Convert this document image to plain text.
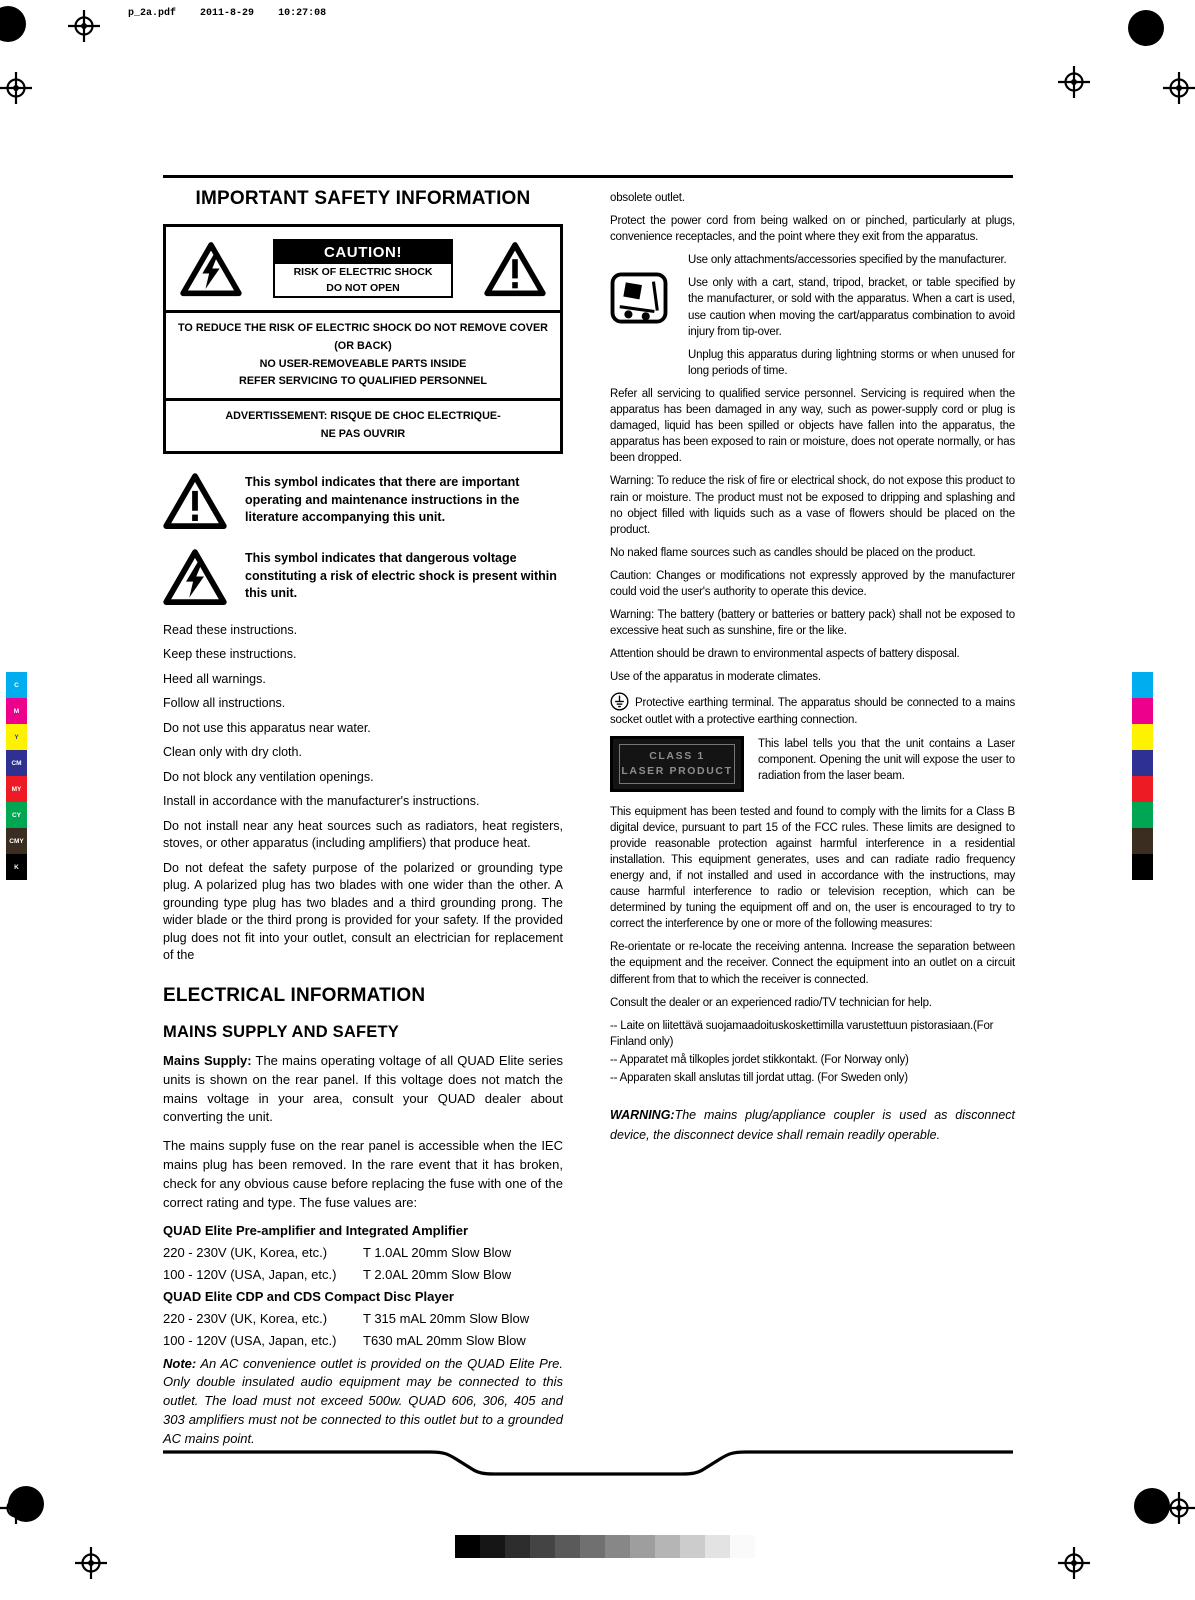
p_2a.pdf 2011-8-29 10:27:08
C
M
Y
CM
MY
CY
CMY
K
IMPORTANT SAFETY INFORMATION
CAUTION!
RISK OF ELECTRIC SHOCK
DO NOT OPEN
TO REDUCE THE RISK OF ELECTRIC SHOCK DO NOT REMOVE COVER (OR BACK)
NO USER-REMOVEABLE PARTS INSIDE
REFER SERVICING TO QUALIFIED PERSONNEL
ADVERTISSEMENT: RISQUE DE CHOC ELECTRIQUE-
NE PAS OUVRIR

This symbol indicates that there are important operating and maintenance instructions in the literature accompanying this unit.

This symbol indicates that dangerous voltage constituting a risk of electric shock is present within this unit.

Read these instructions.

Keep these instructions.

Heed all warnings.

Follow all instructions.

Do not use this apparatus near water.

Clean only with dry cloth.

Do not block any ventilation openings.

Install in accordance with the manufacturer's instructions.

Do not install near any heat sources such as radiators, heat registers, stoves, or other apparatus (including amplifiers) that produce heat.

Do not defeat the safety purpose of the polarized or grounding type plug. A polarized plug has two blades with one wider than the other. A grounding type plug has two blades and a third grounding prong. The wider blade or the third prong is provided for your safety. If the provided plug does not fit into your outlet, consult an electrician for replacement of the

ELECTRICAL INFORMATION
MAINS SUPPLY AND SAFETY

Mains Supply: The mains operating voltage of all QUAD Elite series units is shown on the rear panel. If this voltage does not match the mains voltage in your area, consult your QUAD dealer about converting the unit.

The mains supply fuse on the rear panel is accessible when the IEC mains plug has been removed. In the rare event that it has broken, check for any obvious cause before replacing the fuse with one of the correct rating and type. The fuse values are:

QUAD Elite Pre-amplifier and Integrated Amplifier
220 - 230V (UK, Korea, etc.)	T 1.0AL 20mm Slow Blow
100 - 120V (USA, Japan, etc.)	T 2.0AL 20mm Slow Blow
QUAD Elite CDP and CDS Compact Disc Player
220 - 230V (UK, Korea, etc.)	T 315 mAL 20mm Slow Blow
100 - 120V (USA, Japan, etc.)	T630 mAL 20mm Slow Blow

Note: An AC convenience outlet is provided on the QUAD Elite Pre. Only double insulated audio equipment may be connected to this outlet. The load must not exceed 500w. QUAD 606, 306, 405 and 303 amplifiers must not be connected to this outlet but to a grounded AC mains point.

obsolete outlet.

Protect the power cord from being walked on or pinched, particularly at plugs, convenience receptacles, and the point where they exit from the apparatus.

Use only attachments/accessories specified by the manufacturer.

Use only with a cart, stand, tripod, bracket, or table specified by the manufacturer, or sold with the apparatus. When a cart is used, use caution when moving the cart/apparatus combination to avoid injury from tip-over.

Unplug this apparatus during lightning storms or when unused for long periods of time.

Refer all servicing to qualified service personnel. Servicing is required when the apparatus has been damaged in any way, such as power-supply cord or plug is damaged, liquid has been spilled or objects have fallen into the apparatus, the apparatus has been exposed to rain or moisture, does not operate normally, or has been dropped.

Warning: To reduce the risk of fire or electrical shock, do not expose this product to rain or moisture. The product must not be exposed to dripping and splashing and no object filled with liquids such as a vase of flowers should be placed on the product.

No naked flame sources such as candles should be placed on the product.

Caution: Changes or modifications not expressly approved by the manufacturer could void the user's authority to operate this device.

Warning: The battery (battery or batteries or battery pack) shall not be exposed to excessive heat such as sunshine, fire or the like.

Attention should be drawn to environmental aspects of battery disposal.

Use of the apparatus in moderate climates.

Protective earthing terminal. The apparatus should be connected to a mains socket outlet with a protective earthing connection.

CLASS 1
LASER PRODUCT

This label tells you that the unit contains a Laser component. Opening the unit will expose the user to radiation from the laser beam.

This equipment has been tested and found to comply with the limits for a Class B digital device, pursuant to part 15 of the FCC rules. These limits are designed to provide reasonable protection against harmful interference in a residential installation. This equipment generates, uses and can radiate radio frequency energy and, if not installed and used in accordance with the instructions, may cause harmful interference to radio or television reception, which can be determined by tuning the equipment off and on, the user is encouraged to try to correct the interference by one or more of the following measures:

Re-orientate or re-locate the receiving antenna. Increase the separation between the equipment and the receiver. Connect the equipment into an outlet on a circuit different from that to which the receiver is connected.

Consult the dealer or an experienced radio/TV technician for help.

-- Laite on liitettävä suojamaadoituskoskettimilla varustettuun pistorasiaan.(For Finland only)

-- Apparatet må tilkoples jordet stikkontakt. (For Norway only)

-- Apparaten skall anslutas till jordat uttag. (For Sweden only)

WARNING:The mains plug/appliance coupler is used as disconnect device, the disconnect device shall remain readily operable.
